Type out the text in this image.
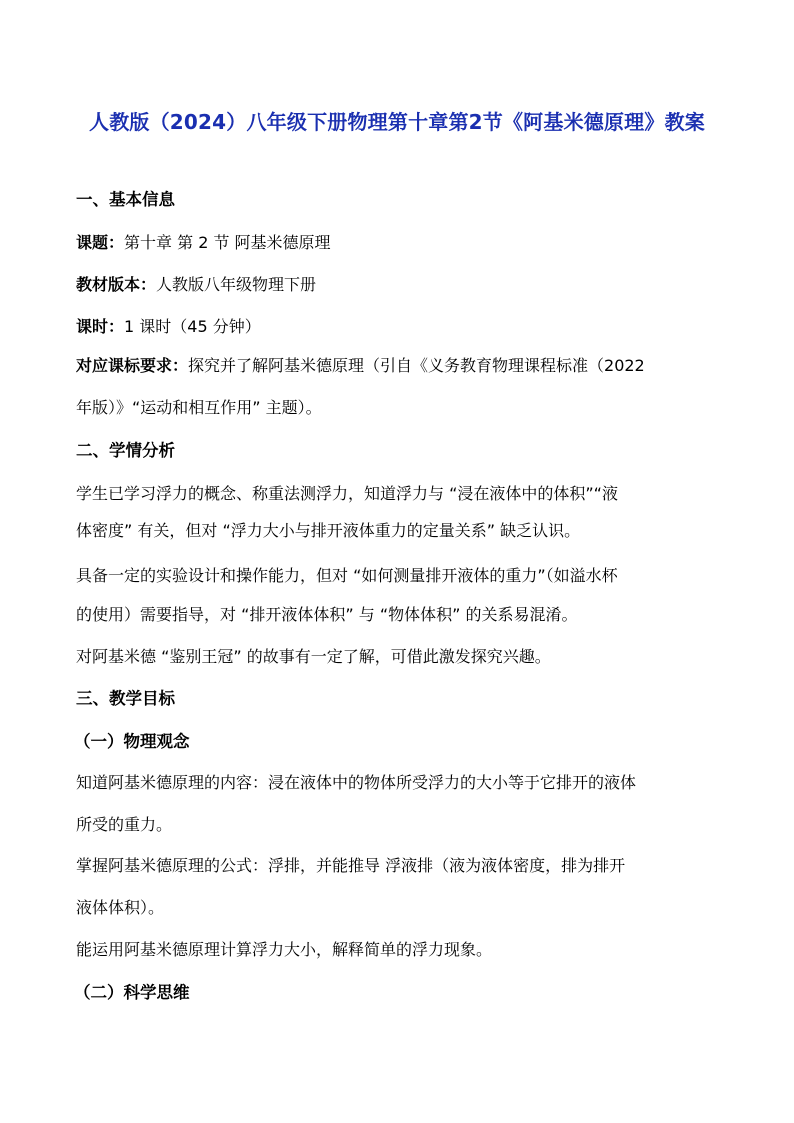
人教版（2024）八年级下册物理第十章第2节《阿基米德原理》教案
一、基本信息
课题：第十章 第 2 节 阿基米德原理
教材版本：人教版八年级物理下册
课时：1 课时（45 分钟）
对应课标要求：探究并了解阿基米德原理（引自《义务教育物理课程标准（2022
年版）》“运动和相互作用” 主题）。
二、学情分析
学生已学习浮力的概念、称重法测浮力，知道浮力与 “浸在液体中的体积”“液
体密度” 有关，但对 “浮力大小与排开液体重力的定量关系” 缺乏认识。
具备一定的实验设计和操作能力，但对 “如何测量排开液体的重力”（如溢水杯
的使用）需要指导，对 “排开液体体积” 与 “物体体积” 的关系易混淆。
对阿基米德 “鉴别王冠” 的故事有一定了解，可借此激发探究兴趣。
三、教学目标
（一）物理观念
知道阿基米德原理的内容：浸在液体中的物体所受浮力的大小等于它排开的液体
所受的重力。
掌握阿基米德原理的公式：浮排，并能推导 浮液排（液为液体密度，排为排开
液体体积）。
能运用阿基米德原理计算浮力大小，解释简单的浮力现象。
（二）科学思维
